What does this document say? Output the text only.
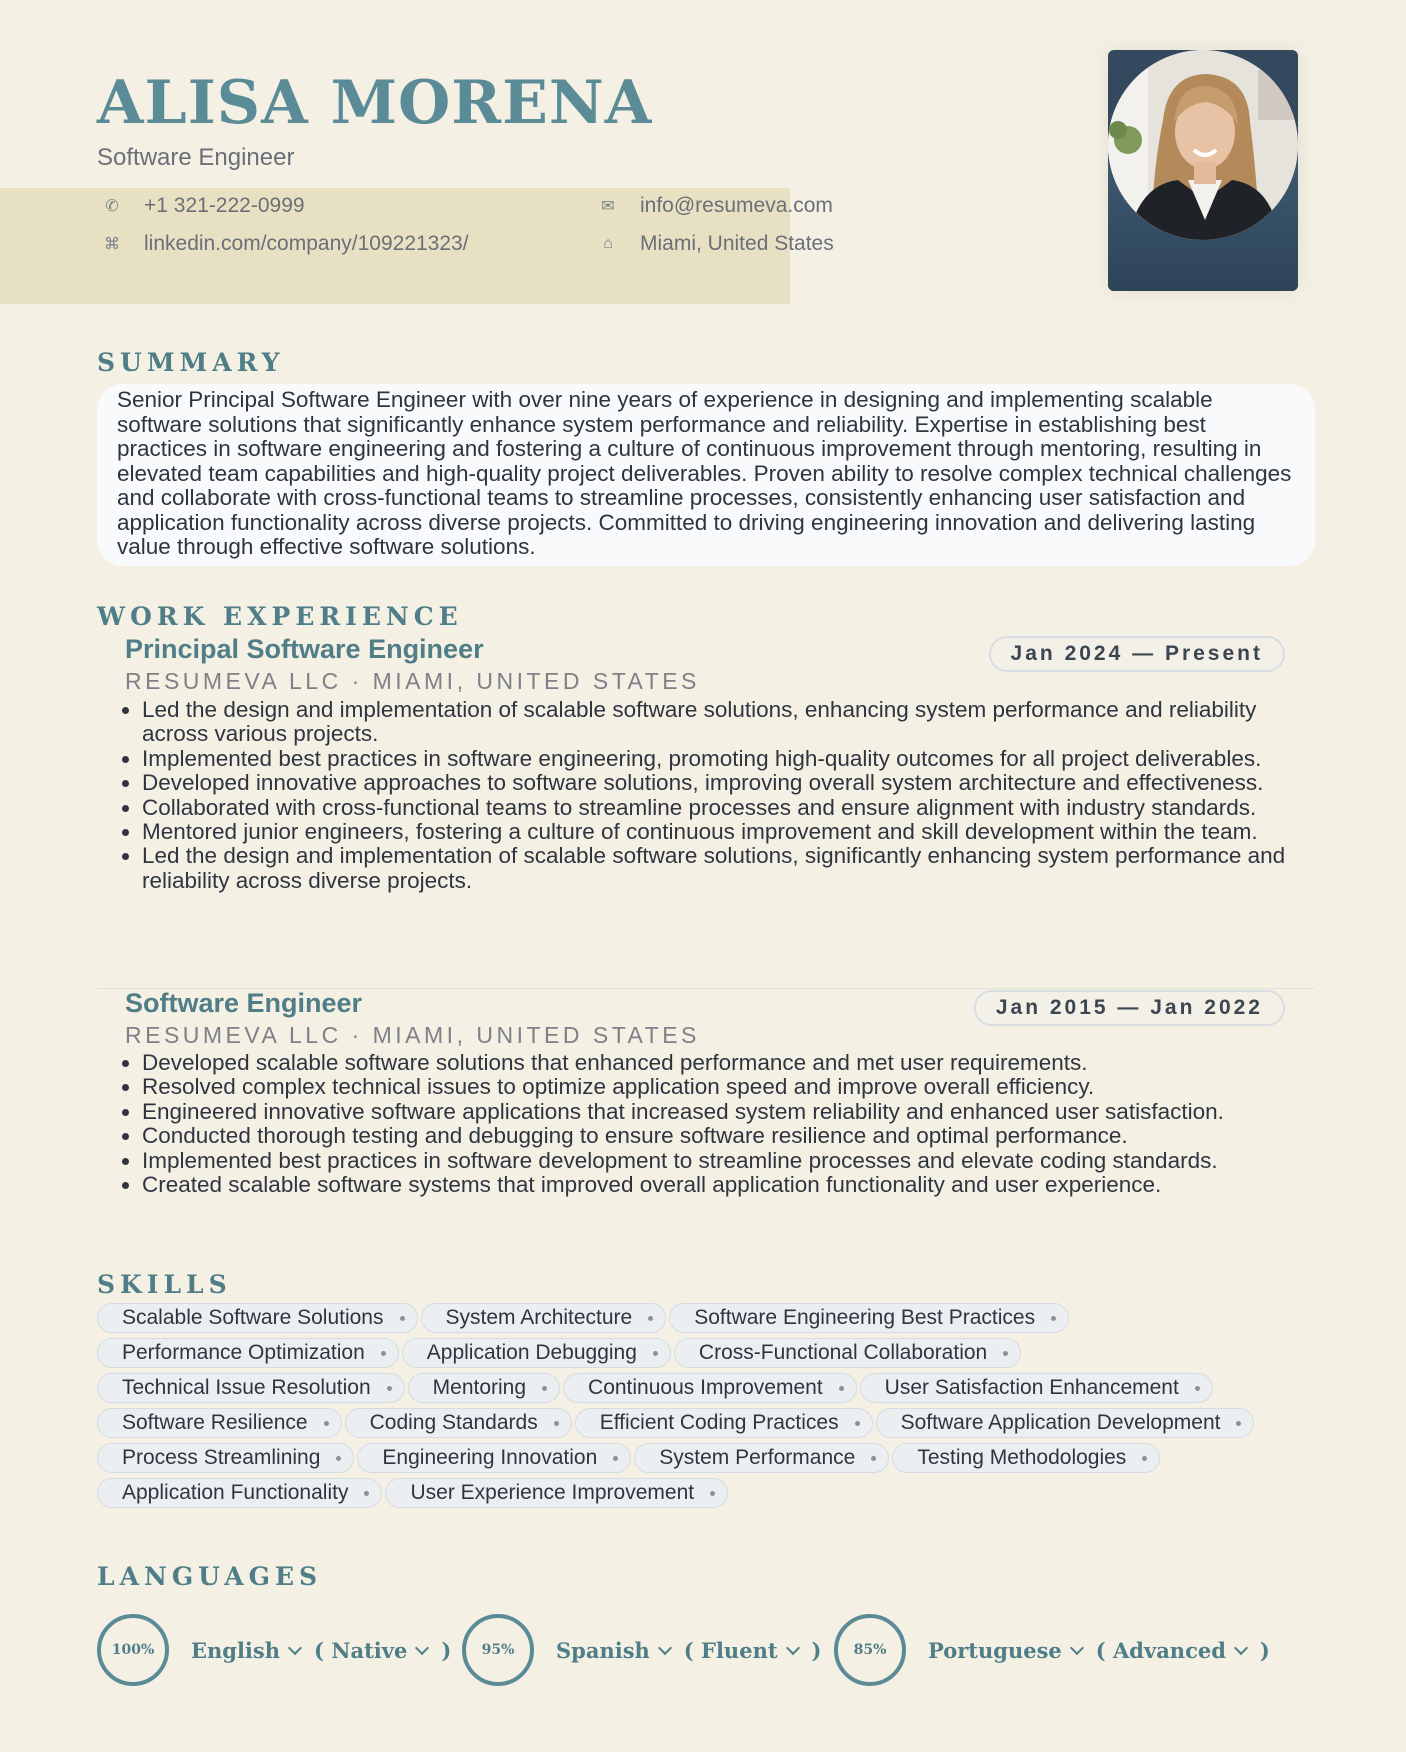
ALISA MORENA

Software Engineer

✆ +1 321-222-0999
⌘ linkedin.com/company/109221323/
✉ info@resumeva.com
⌂	Miami, United States
SUMMARY

Senior Principal Software Engineer with over nine years of experience in designing and implementing scalable software solutions that significantly enhance system performance and reliability. Expertise in establishing best practices in software engineering and fostering a culture of continuous improvement through mentoring, resulting in elevated team capabilities and high-quality project deliverables. Proven ability to resolve complex technical challenges and collaborate with cross-functional teams to streamline processes, consistently enhancing user satisfaction and application functionality across diverse projects. Committed to driving engineering innovation and delivering lasting value through effective software solutions.

WORK EXPERIENCE

Principal Software Engineer

RESUMEVA LLC · MIAMI, UNITED STATES

Jan 2024 — Present
• Led the design and implementation of scalable software solutions, enhancing system performance and reliability across various projects.
• Implemented best practices in software engineering, promoting high-quality outcomes for all project deliverables.
• Developed innovative approaches to software solutions, improving overall system architecture and effectiveness.
• Collaborated with cross-functional teams to streamline processes and ensure alignment with industry standards.
• Mentored junior engineers, fostering a culture of continuous improvement and skill development within the team.
• Led the design and implementation of scalable software solutions, significantly enhancing system performance and reliability across diverse projects.

Software Engineer

RESUMEVA LLC · MIAMI, UNITED STATES

Jan 2015 — Jan 2022
• Developed scalable software solutions that enhanced performance and met user requirements.
• Resolved complex technical issues to optimize application speed and improve overall efficiency.
• Engineered innovative software applications that increased system reliability and enhanced user satisfaction.
• Conducted thorough testing and debugging to ensure software resilience and optimal performance.
• Implemented best practices in software development to streamline processes and elevate coding standards.
• Created scalable software systems that improved overall application functionality and user experience.
SKILLS
Scalable Software Solutions	System Architecture	Software Engineering Best Practices
Performance Optimization	Application Debugging	Cross-Functional Collaboration
Technical Issue Resolution	Mentoring	Continuous Improvement	User Satisfaction Enhancement
Software Resilience	Coding Standards	Efficient Coding Practices	Software Application Development
Process Streamlining	Engineering Innovation	System Performance	Testing Methodologies
Application Functionality	User Experience Improvement
LANGUAGES
100%	English ( Native )	95%	Spanish ( Fluent )	85%	Portuguese ( Advanced )
